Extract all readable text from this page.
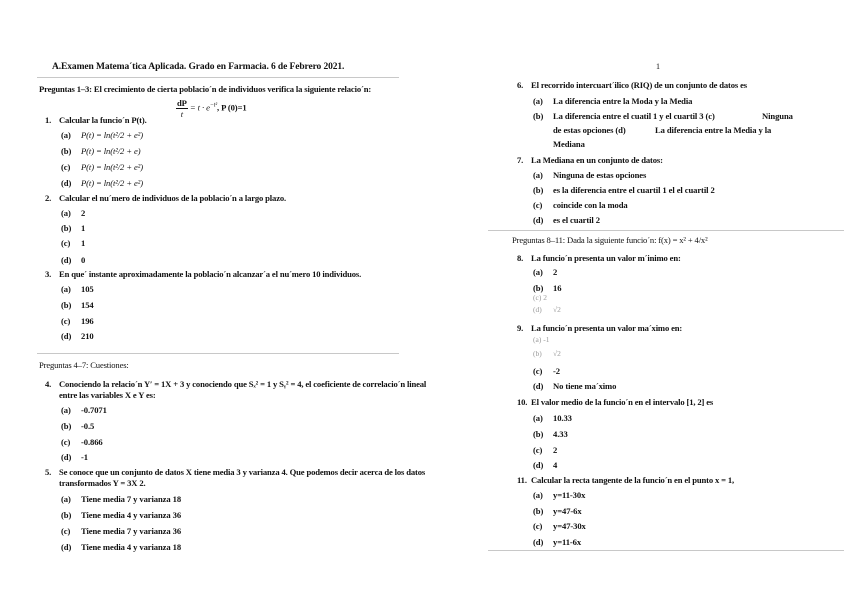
A.Examen Matema´tica Aplicada. Grado en Farmacia. 6 de Febrero 2021.	1
Preguntas 1–3: El crecimiento de cierta poblacio´n de individuos verifica la siguiente relacio´n:
$\frac{dP}{t} = t \cdot e^{-t^2}$, P (0)=1
1. Calcular la funcio´n P(t).
(a) P(t) = ln(t²/2 + e²)
(b) P(t) = ln(t²/2 + e)
(c) P(t) = ln(t²/2 + e²)
(d) P(t) = ln(t²/2 + e²)
2. Calcular el nu´mero de individuos de la poblacio´n a largo plazo.
(a) 2
(b) 1
(c) 1
(d) 0
3. En que´ instante aproximadamente la poblacio´n alcanzar´a el nu´mero 10 individuos.
(a) 105
(b) 154
(c) 196
(d) 210
Preguntas 4–7: Cuestiones:
4. Conociendo la relacio´n Y′ = 1X + 3 y conociendo que Sₓ² = 1 y Sᵧ² = 4, el coeficiente de correlacio´n lineal
entre las variables X e Y es:
(a) -0.7071
(b) -0.5
(c) -0.866
(d) -1
5. Se conoce que un conjunto de datos X tiene media 3 y varianza 4. Que podemos decir acerca de los datos
transformados Y = 3X 2.
(a) Tiene media 7 y varianza 18
(b) Tiene media 4 y varianza 36
(c) Tiene media 7 y varianza 36
(d) Tiene media 4 y varianza 18
6. El recorrido intercuart´ilico (RIQ) de un conjunto de datos es
(a) La diferencia entre la Moda y la Media
(b) La diferencia entre el cuatil 1 y el cuartil 3 (c)	Ninguna
de estas opciones (d)	La diferencia entre la Media y la
Mediana
7. La Mediana en un conjunto de datos:
(a) Ninguna de estas opciones
(b) es la diferencia entre el cuartil 1 el el cuartil 2
(c) coincide con la moda
(d) es el cuartil 2
Preguntas 8–11: Dada la siguiente funcio´n: f(x) = x² + 4/x²
8. La funcio´n presenta un valor m´inimo en:
(a) 2
(b) 16
(c) 2
(d) √2
9. La funcio´n presenta un valor ma´ximo en:
(a) -1
(b) √2
(c) -2
(d) No tiene ma´ximo
10. El valor medio de la funcio´n en el intervalo [1, 2] es
(a) 10.33
(b) 4.33
(c) 2
(d) 4
11. Calcular la recta tangente de la funcio´n en el punto x = 1,
(a) y=11-30x
(b) y=47-6x
(c) y=47-30x
(d) y=11-6x
